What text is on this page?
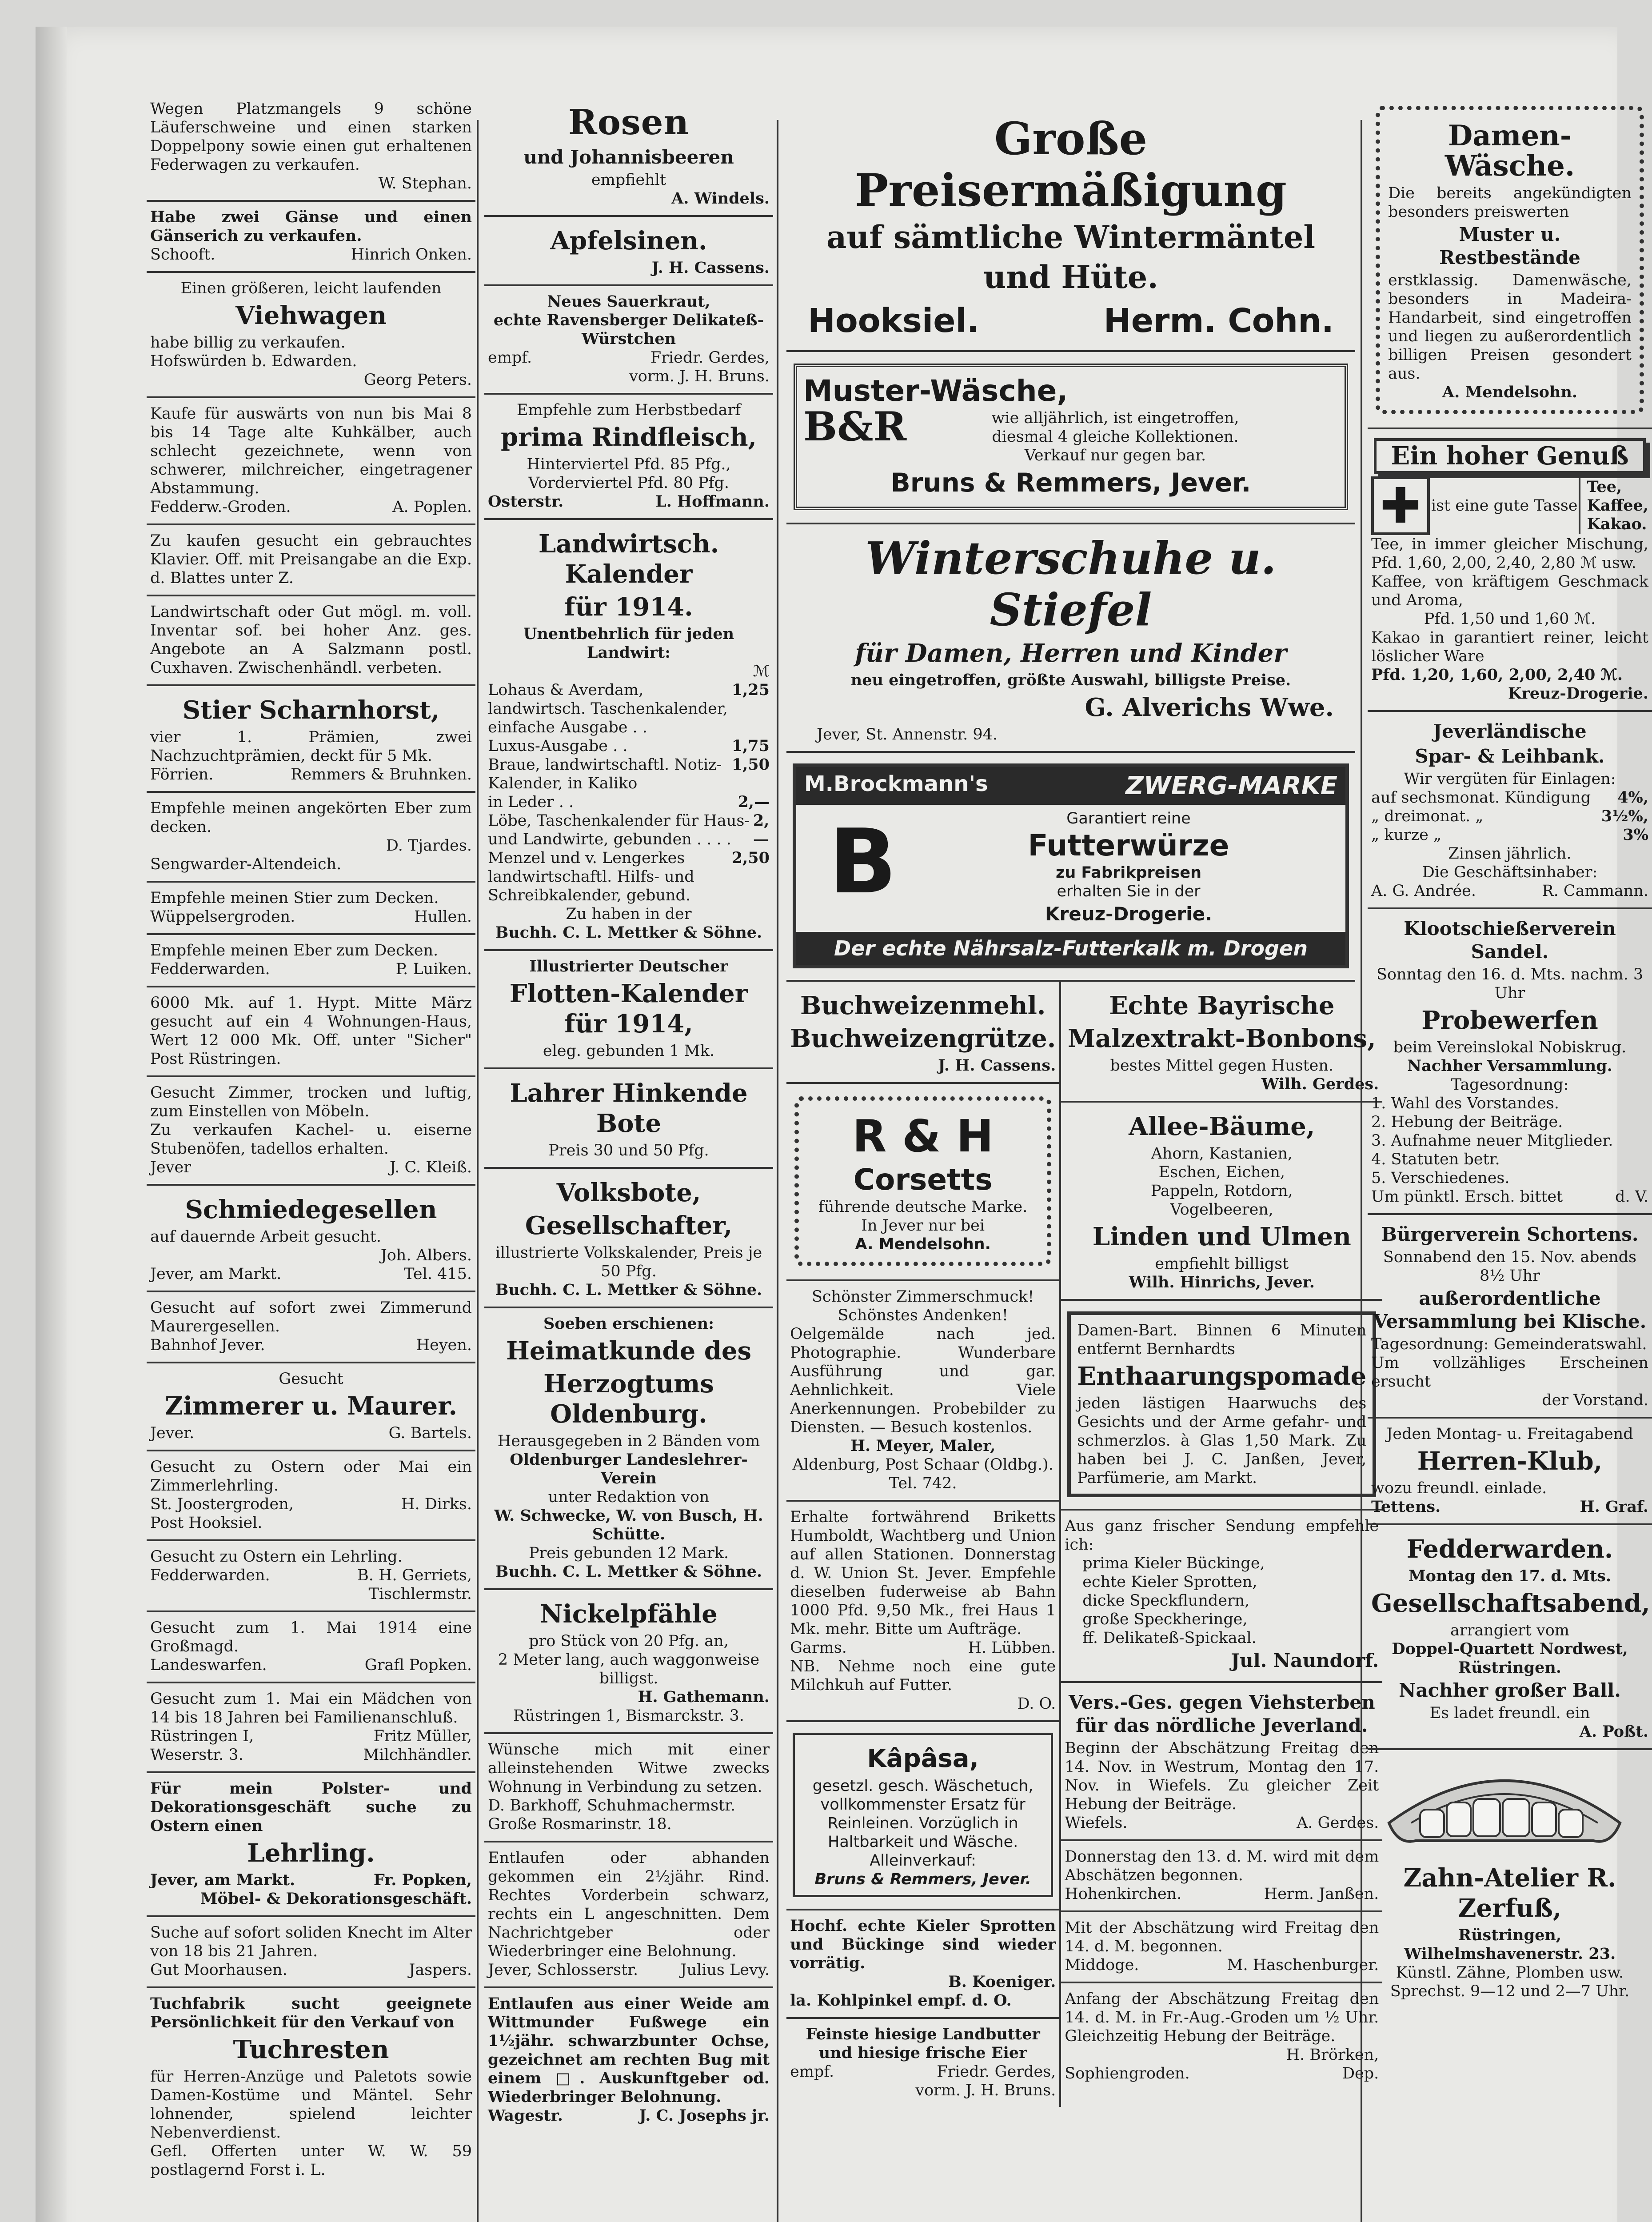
Wegen Platzmangels 9 schöne Läuferschweine und einen starken Doppelpony sowie einen gut erhaltenen Federwagen zu verkaufen.

W. Stephan.

Habe zwei Gänse und einen Gänserich zu verkaufen.

Schooft.	Hinrich Onken.

Einen größeren, leicht laufenden

Viehwagen

habe billig zu verkaufen.

Hofswürden b. Edwarden.

Georg Peters.

Kaufe für auswärts von nun bis Mai 8 bis 14 Tage alte Kuhkälber, auch schlecht gezeichnete, wenn von schwerer, milchreicher, eingetragener Abstammung.

Fedderw.-Groden.	A. Poplen.

Zu kaufen gesucht ein gebrauchtes Klavier. Off. mit Preisangabe an die Exp. d. Blattes unter Z.

Landwirtschaft oder Gut mögl. m. voll. Inventar sof. bei hoher Anz. ges. Angebote an A Salzmann postl. Cuxhaven. Zwischenhändl. verbeten.

Stier Scharnhorst,

vier 1. Prämien, zwei Nachzuchtprämien, deckt für 5 Mk.

Förrien.	Remmers & Bruhnken.

Empfehle meinen angekörten Eber zum decken.

D. Tjardes.

Sengwarder-Altendeich.

Empfehle meinen Stier zum Decken.

Wüppelsergroden.	Hullen.

Empfehle meinen Eber zum Decken.

Fedderwarden.	P. Luiken.

6000 Mk. auf 1. Hypt. Mitte März gesucht auf ein 4 Wohnungen-Haus, Wert 12 000 Mk. Off. unter "Sicher" Post Rüstringen.

Gesucht Zimmer, trocken und luftig, zum Einstellen von Möbeln.

Zu verkaufen Kachel- u. eiserne Stubenöfen, tadellos erhalten.

Jever	J. C. Kleiß.

Schmiedegesellen

auf dauernde Arbeit gesucht.

Joh. Albers.

Jever, am Markt.	Tel. 415.

Gesucht auf sofort zwei Zimmerund Maurergesellen.

Bahnhof Jever.	Heyen.

Gesucht

Zimmerer u. Maurer.

Jever.	G. Bartels.

Gesucht zu Ostern oder Mai ein Zimmerlehrling.

St. Joostergroden,	H. Dirks.

Post Hooksiel.

Gesucht zu Ostern ein Lehrling.

Fedderwarden.	B. H. Gerriets,

Tischlermstr.

Gesucht zum 1. Mai 1914 eine Großmagd.

Landeswarfen.	Grafl Popken.

Gesucht zum 1. Mai ein Mädchen von 14 bis 18 Jahren bei Familienanschluß.

Rüstringen I,	Fritz Müller,
Weserstr. 3.	Milchhändler.

Für mein Polster- und Dekorationsgeschäft suche zu Ostern einen

Lehrling.

Jever, am Markt.	Fr. Popken,

Möbel- & Dekorationsgeschäft.

Suche auf sofort soliden Knecht im Alter von 18 bis 21 Jahren.

Gut Moorhausen.	Jaspers.

Tuchfabrik sucht geeignete Persönlichkeit für den Verkauf von

Tuchresten

für Herren-Anzüge und Paletots sowie Damen-Kostüme und Mäntel. Sehr lohnender, spielend leichter Nebenverdienst.

Gefl. Offerten unter W. W. 59 postlagernd Forst i. L.

Rosen

und Johannisbeeren

empfiehlt

A. Windels.

Apfelsinen.

J. H. Cassens.

Neues Sauerkraut,

echte Ravensberger Delikateß-Würstchen

empf.	Friedr. Gerdes,

vorm. J. H. Bruns.

Empfehle zum Herbstbedarf

prima Rindfleisch,

Hinterviertel Pfd. 85 Pfg.,

Vorderviertel Pfd. 80 Pfg.

Osterstr.	L. Hoffmann.

Landwirtsch. Kalender

für 1914.

Unentbehrlich für jeden Landwirt:

ℳ

Lohaus & Averdam, landwirtsch. Taschenkalender, einfache Ausgabe . .
1,25
Luxus-Ausgabe . .	1,75
Braue, landwirtschaftl. Notiz-Kalender, in Kaliko
1,50
in Leder . .	2,—
Löbe, Taschenkalender für Haus- und Landwirte, gebunden . . . .
2,—
Menzel und v. Lengerkes landwirtschaftl. Hilfs- und Schreibkalender, gebund.
2,50

Zu haben in der

Buchh. C. L. Mettker & Söhne.

Illustrierter Deutscher

Flotten-Kalender für 1914,

eleg. gebunden 1 Mk.

Lahrer Hinkende Bote

Preis 30 und 50 Pfg.

Volksbote,

Gesellschafter,

illustrierte Volkskalender, Preis je 50 Pfg.

Buchh. C. L. Mettker & Söhne.

Soeben erschienen:

Heimatkunde des

Herzogtums Oldenburg.

Herausgegeben in 2 Bänden vom

Oldenburger Landeslehrer-Verein

unter Redaktion von

W. Schwecke, W. von Busch, H. Schütte.

Preis gebunden 12 Mark.

Buchh. C. L. Mettker & Söhne.

Nickelpfähle

pro Stück von 20 Pfg. an,

2 Meter lang, auch waggonweise billigst.

H. Gathemann.

Rüstringen 1, Bismarckstr. 3.

Wünsche mich mit einer alleinstehenden Witwe zwecks Wohnung in Verbindung zu setzen.

D. Barkhoff, Schuhmachermstr.

Große Rosmarinstr. 18.

Entlaufen oder abhanden gekommen ein 2½jähr. Rind. Rechtes Vorderbein schwarz, rechts ein L angeschnitten. Dem Nachrichtgeber oder Wiederbringer eine Belohnung.

Jever, Schlosserstr.	Julius Levy.

Entlaufen aus einer Weide am Wittmunder Fußwege ein 1½jähr. schwarzbunter Ochse, gezeichnet am rechten Bug mit einem □. Auskunftgeber od. Wiederbringer Belohnung.

Wagestr.	J. C. Josephs jr.

Große Preisermäßigung

auf sämtliche Wintermäntel

und Hüte.

Hooksiel.	Herm. Cohn.

Muster-Wäsche,

B&R	wie alljährlich, ist eingetroffen,

diesmal 4 gleiche Kollektionen.

Verkauf nur gegen bar.

Bruns & Remmers, Jever.

Winterschuhe u. Stiefel

für Damen, Herren und Kinder

neu eingetroffen, größte Auswahl, billigste Preise.

G. Alverichs Wwe.

Jever, St. Annenstr. 94.

M.Brockmann's	ZWERG-MARKE
B	Garantiert reine

Futterwürze

zu Fabrikpreisen

erhalten Sie in der

Kreuz-Drogerie.

Der echte Nährsalz-Futterkalk m. Drogen

Buchweizenmehl.

Buchweizengrütze.

J. H. Cassens.

R & H

Corsetts

führende deutsche Marke.

In Jever nur bei

A. Mendelsohn.

Schönster Zimmerschmuck!

Schönstes Andenken!

Oelgemälde nach jed. Photographie. Wunderbare Ausführung und gar. Aehnlichkeit. Viele Anerkennungen. Probebilder zu Diensten. — Besuch kostenlos.

H. Meyer, Maler,

Aldenburg, Post Schaar (Oldbg.).

Tel. 742.

Erhalte fortwährend Briketts Humboldt, Wachtberg und Union auf allen Stationen. Donnerstag d. W. Union St. Jever. Empfehle dieselben fuderweise ab Bahn 1000 Pfd. 9,50 Mk., frei Haus 1 Mk. mehr. Bitte um Aufträge.

Garms.	H. Lübben.

NB. Nehme noch eine gute Milchkuh auf Futter.

D. O.

Kâpâsa,

gesetzl. gesch. Wäschetuch,

vollkommenster Ersatz für

Reinleinen. Vorzüglich in

Haltbarkeit und Wäsche.

Alleinverkauf:

Bruns & Remmers, Jever.

Hochf. echte Kieler Sprotten und Bückinge sind wieder vorrätig.

B. Koeniger.

la. Kohlpinkel empf. d. O.

Feinste hiesige Landbutter und hiesige frische Eier

empf.	Friedr. Gerdes,

vorm. J. H. Bruns.

Echte Bayrische

Malzextrakt-Bonbons,

bestes Mittel gegen Husten.

Wilh. Gerdes.

Allee-Bäume,

Ahorn, Kastanien,

Eschen, Eichen,

Pappeln, Rotdorn,

Vogelbeeren,

Linden und Ulmen

empfiehlt billigst

Wilh. Hinrichs, Jever.

Damen-Bart. Binnen 6 Minuten entfernt Bernhardts

Enthaarungspomade

jeden lästigen Haarwuchs des Gesichts und der Arme gefahr- und schmerzlos. à Glas 1,50 Mark. Zu haben bei J. C. Janßen, Jever, Parfümerie, am Markt.

Aus ganz frischer Sendung empfehle ich:

prima Kieler Bückinge,

echte Kieler Sprotten,

dicke Speckflundern,

große Speckheringe,

ff. Delikateß-Spickaal.

Jul. Naundorf.

Vers.-Ges. gegen Viehsterben für das nördliche Jeverland.

Beginn der Abschätzung Freitag den 14. Nov. in Westrum, Montag den 17. Nov. in Wiefels. Zu gleicher Zeit Hebung der Beiträge.

Wiefels.	A. Gerdes.

Donnerstag den 13. d. M. wird mit dem Abschätzen begonnen.

Hohenkirchen.	Herm. Janßen.

Mit der Abschätzung wird Freitag den 14. d. M. begonnen.

Middoge.	M. Haschenburger.

Anfang der Abschätzung Freitag den 14. d. M. in Fr.-Aug.-Groden um ½ Uhr. Gleichzeitig Hebung der Beiträge.

H. Brörken,

Sophiengroden.	Dep.

Damen-Wäsche.

Die bereits angekündigten besonders preiswerten

Muster u. Restbestände

erstklassig. Damenwäsche, besonders in Madeira-Handarbeit, sind eingetroffen und liegen zu außerordentlich billigen Preisen gesondert aus.

A. Mendelsohn.

Ein hoher Genuß

✚ ist eine gute Tasse

Tee,

Kaffee,

Kakao.

Tee, in immer gleicher Mischung, Pfd. 1,60, 2,00, 2,40, 2,80 ℳ usw.

Kaffee, von kräftigem Geschmack und Aroma,

Pfd. 1,50 und 1,60 ℳ.

Kakao in garantiert reiner, leicht löslicher Ware

Pfd. 1,20, 1,60, 2,00, 2,40 ℳ.

Kreuz-Drogerie.

Jeverländische

Spar- & Leihbank.

Wir vergüten für Einlagen:

auf sechsmonat. Kündigung 4%,
„ dreimonat. „	3½%,
„ kurze „	3%

Zinsen jährlich.

Die Geschäftsinhaber:

A. G. Andrée.	R. Cammann.

Klootschießerverein Sandel.

Sonntag den 16. d. Mts. nachm. 3 Uhr

Probewerfen

beim Vereinslokal Nobiskrug.

Nachher Versammlung.

Tagesordnung:

1. Wahl des Vorstandes.

2. Hebung der Beiträge.

3. Aufnahme neuer Mitglieder.

4. Statuten betr.

5. Verschiedenes.

Um pünktl. Ersch. bittet	d. V.

Bürgerverein Schortens.

Sonnabend den 15. Nov. abends 8½ Uhr

außerordentliche Versammlung bei Klische.

Tagesordnung: Gemeinderatswahl.

Um vollzähliges Erscheinen ersucht

der Vorstand.

Jeden Montag- u. Freitagabend

Herren-Klub,

wozu freundl. einlade.

Tettens.	H. Graf.

Fedderwarden.

Montag den 17. d. Mts.

Gesellschaftsabend,

arrangiert vom

Doppel-Quartett Nordwest, Rüstringen.

Nachher großer Ball.

Es ladet freundl. ein

A. Poßt.

Zahn-Atelier R. Zerfuß,

Rüstringen, Wilhelmshavenerstr. 23.

Künstl. Zähne, Plomben usw.

Sprechst. 9—12 und 2—7 Uhr.
